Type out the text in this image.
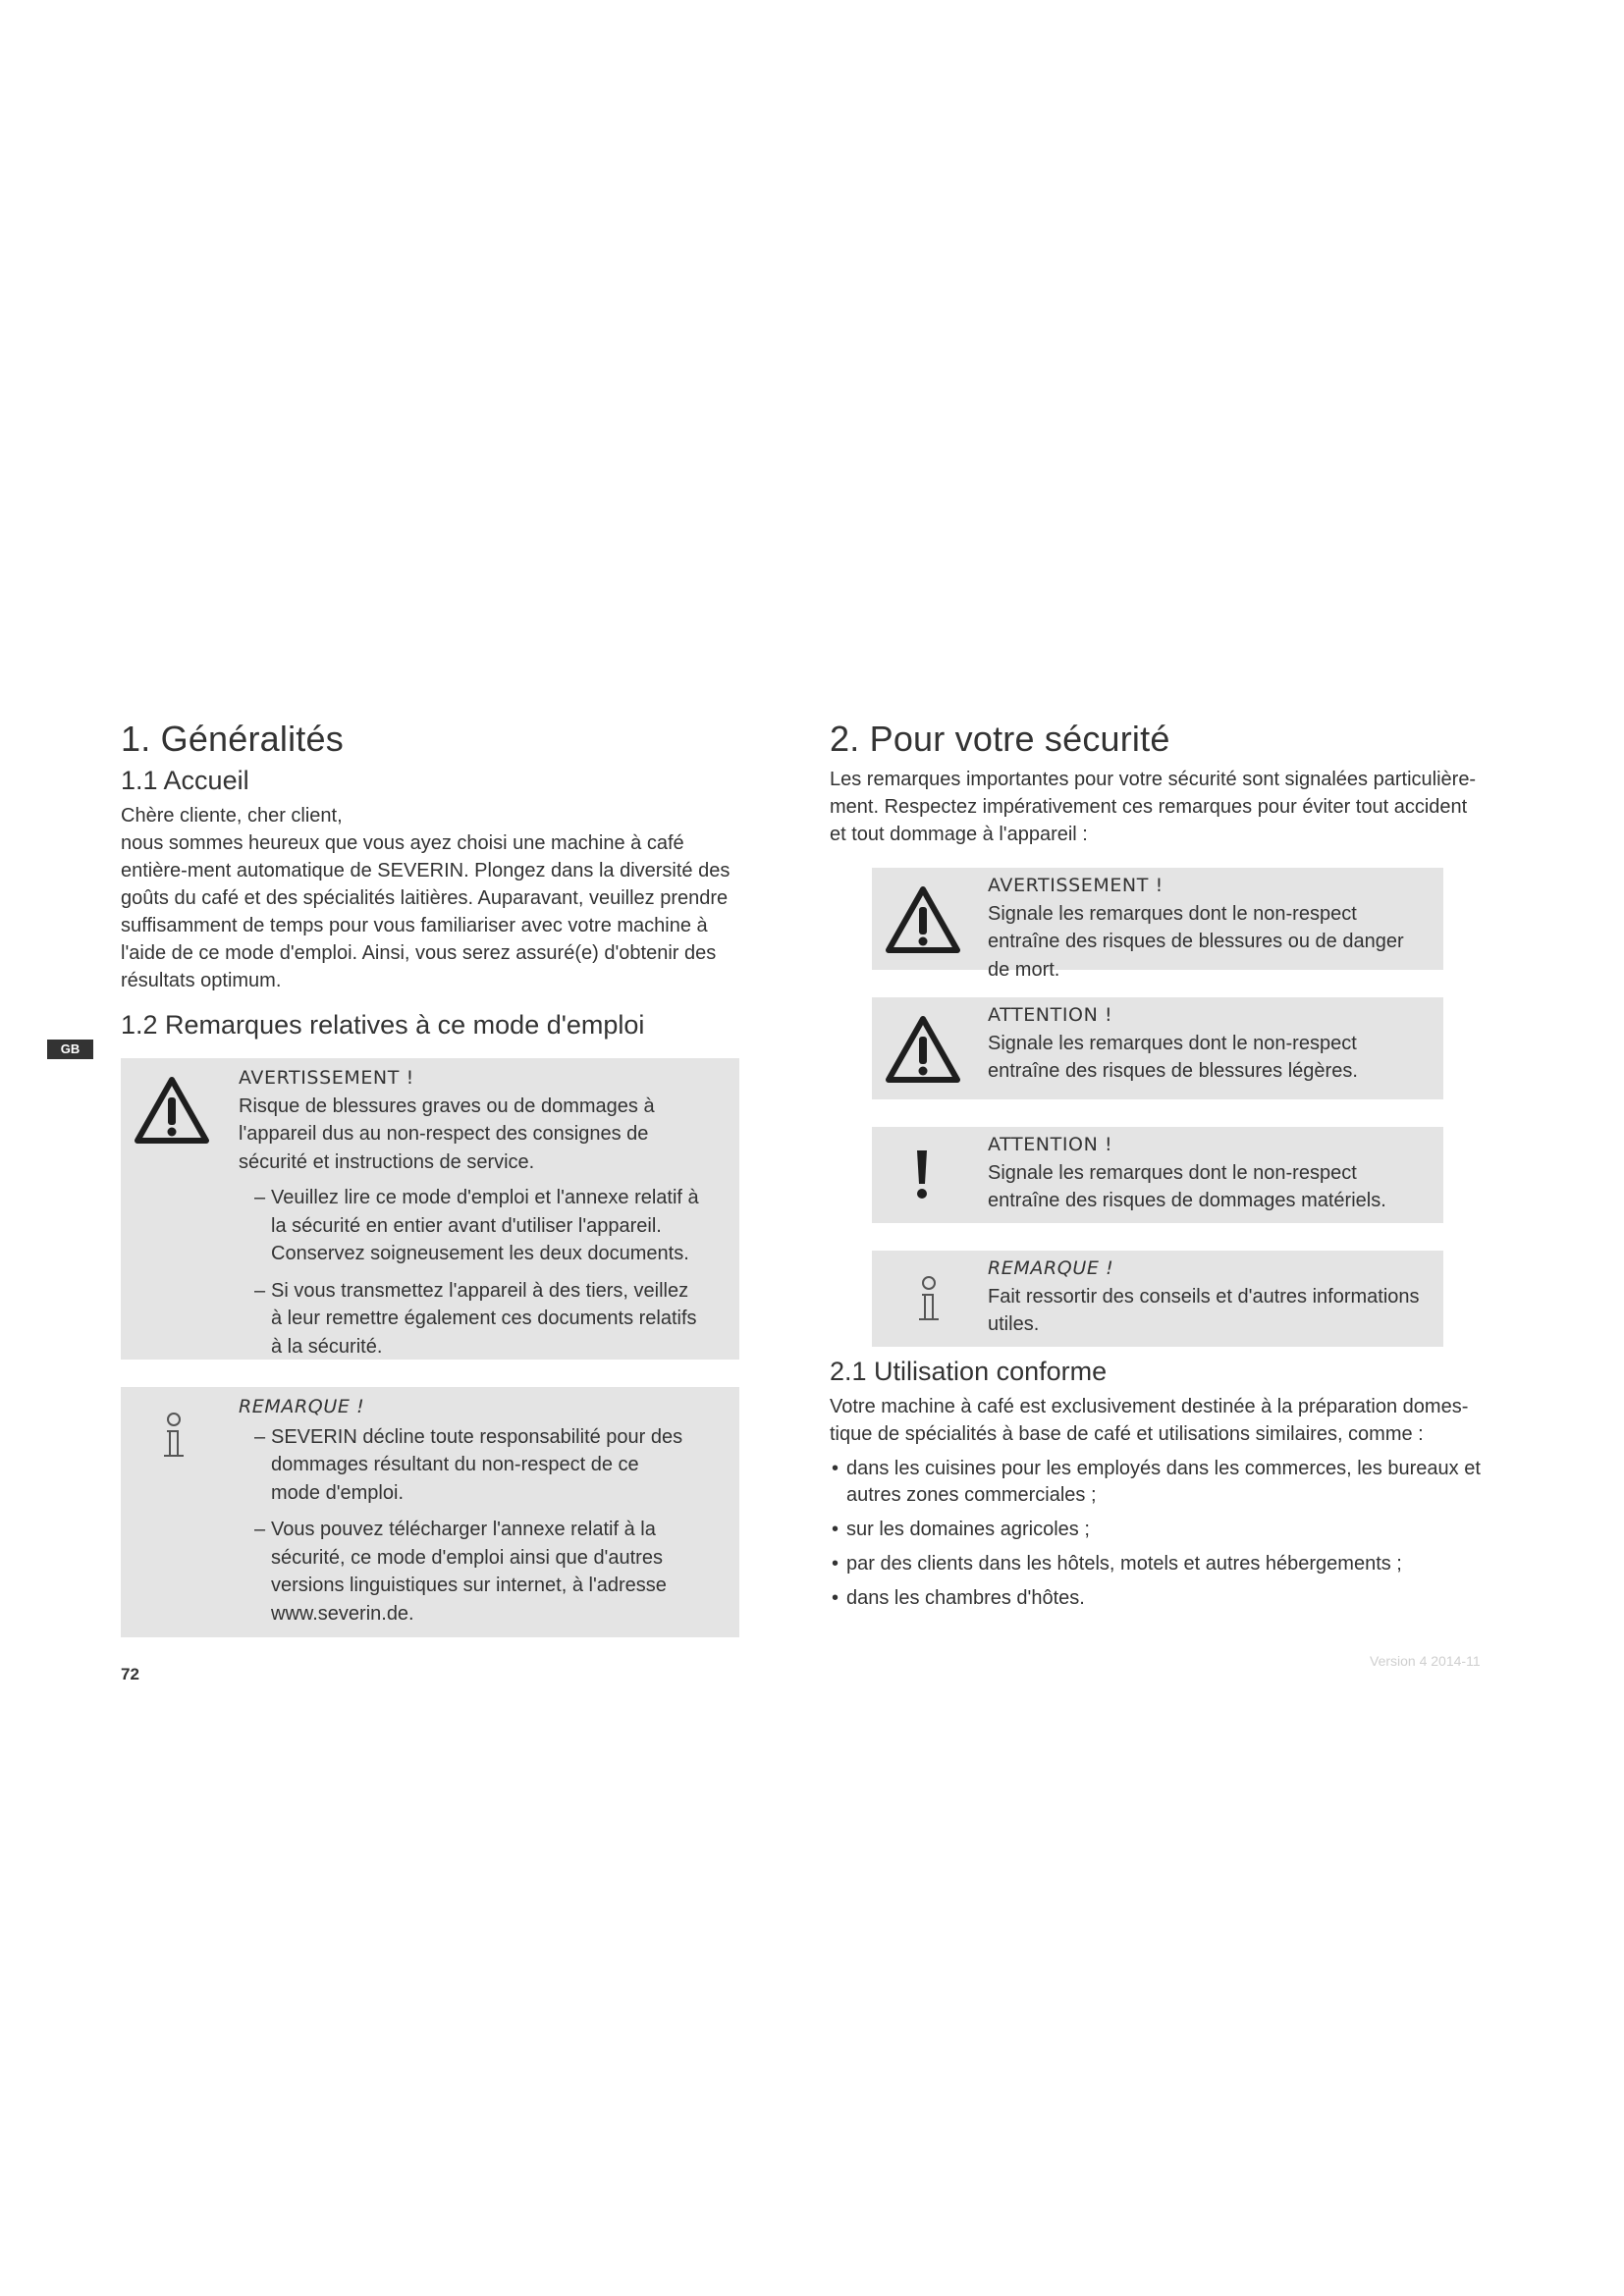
GB
1. Généralités
1.1 Accueil

Chère cliente, cher client,

nous sommes heureux que vous ayez choisi une machine à café entière-ment automatique de SEVERIN. Plongez dans la diversité des goûts du café et des spécialités laitières. Auparavant, veuillez prendre suffisamment de temps pour vous familiariser avec votre machine à l'aide de ce mode d'emploi. Ainsi, vous serez assuré(e) d'obtenir des résultats optimum.

1.2 Remarques relatives à ce mode d'emploi
AVERTISSEMENT !
Risque de blessures graves ou de dommages à l'appareil dus au non-respect des consignes de sécurité et instructions de service.
– Veuillez lire ce mode d'emploi et l'annexe relatif à la sécurité en entier avant d'utiliser l'appareil. Conservez soigneusement les deux documents.
– Si vous transmettez l'appareil à des tiers, veillez à leur remettre également ces documents relatifs à la sécurité.
REMARQUE !
– SEVERIN décline toute responsabilité pour des dommages résultant du non-respect de ce mode d'emploi.
– Vous pouvez télécharger l'annexe relatif à la sécurité, ce mode d'emploi ainsi que d'autres versions linguistiques sur internet, à l'adresse www.severin.de.
2. Pour votre sécurité

Les remarques importantes pour votre sécurité sont signalées particulière-ment. Respectez impérativement ces remarques pour éviter tout accident et tout dommage à l'appareil :

AVERTISSEMENT !
Signale les remarques dont le non-respect entraîne des risques de blessures ou de danger de mort.
ATTENTION !
Signale les remarques dont le non-respect entraîne des risques de blessures légères.
ATTENTION !
Signale les remarques dont le non-respect entraîne des risques de dommages matériels.
REMARQUE !
Fait ressortir des conseils et d'autres informations utiles.
2.1 Utilisation conforme

Votre machine à café est exclusivement destinée à la préparation domes-tique de spécialités à base de café et utilisations similaires, comme :

• dans les cuisines pour les employés dans les commerces, les bureaux et autres zones commerciales ;
• sur les domaines agricoles ;
• par des clients dans les hôtels, motels et autres hébergements ;
• dans les chambres d'hôtes.
Version 4 2014-11
72
